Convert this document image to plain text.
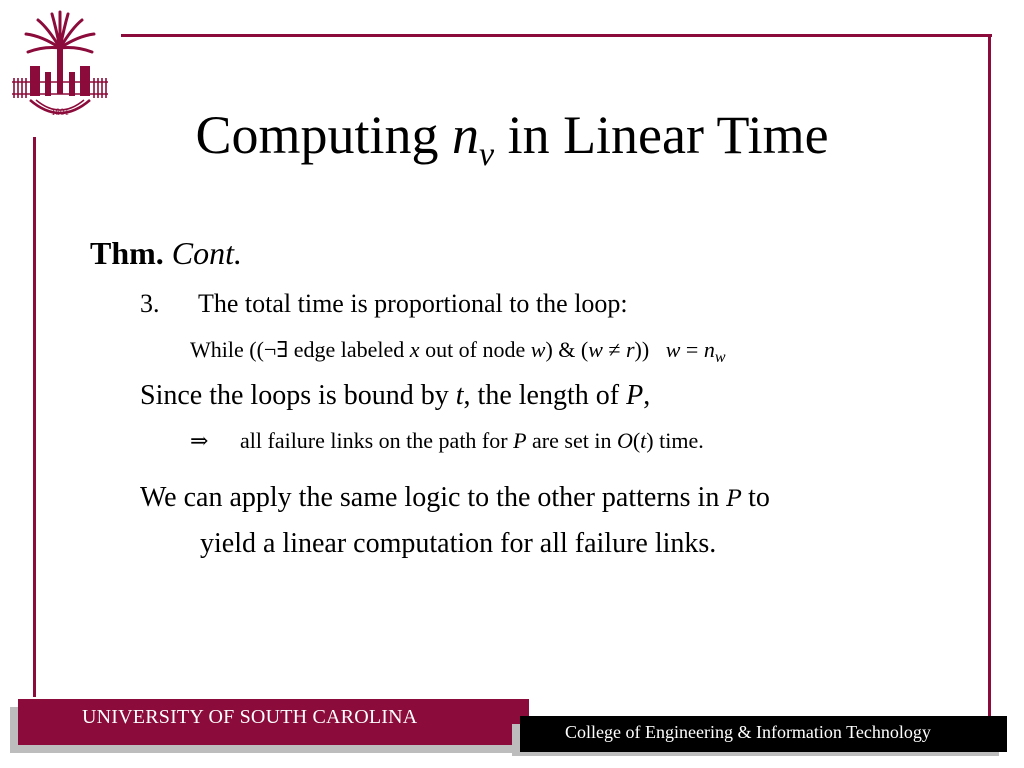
1801	Computing $n_v$ in Linear Time
Thm. Cont.
3. The total time is proportional to the loop:
While ((¬∃ edge labeled x out of node w) & (w ≠ r))   $w = n_w$
Since the loops is bound by t, the length of P,
⇒ all failure links on the path for P are set in O(t) time.
We can apply the same logic to the other patterns in P to
yield a linear computation for all failure links.
UNIVERSITY OF SOUTH CAROLINA
College of Engineering & Information Technology
